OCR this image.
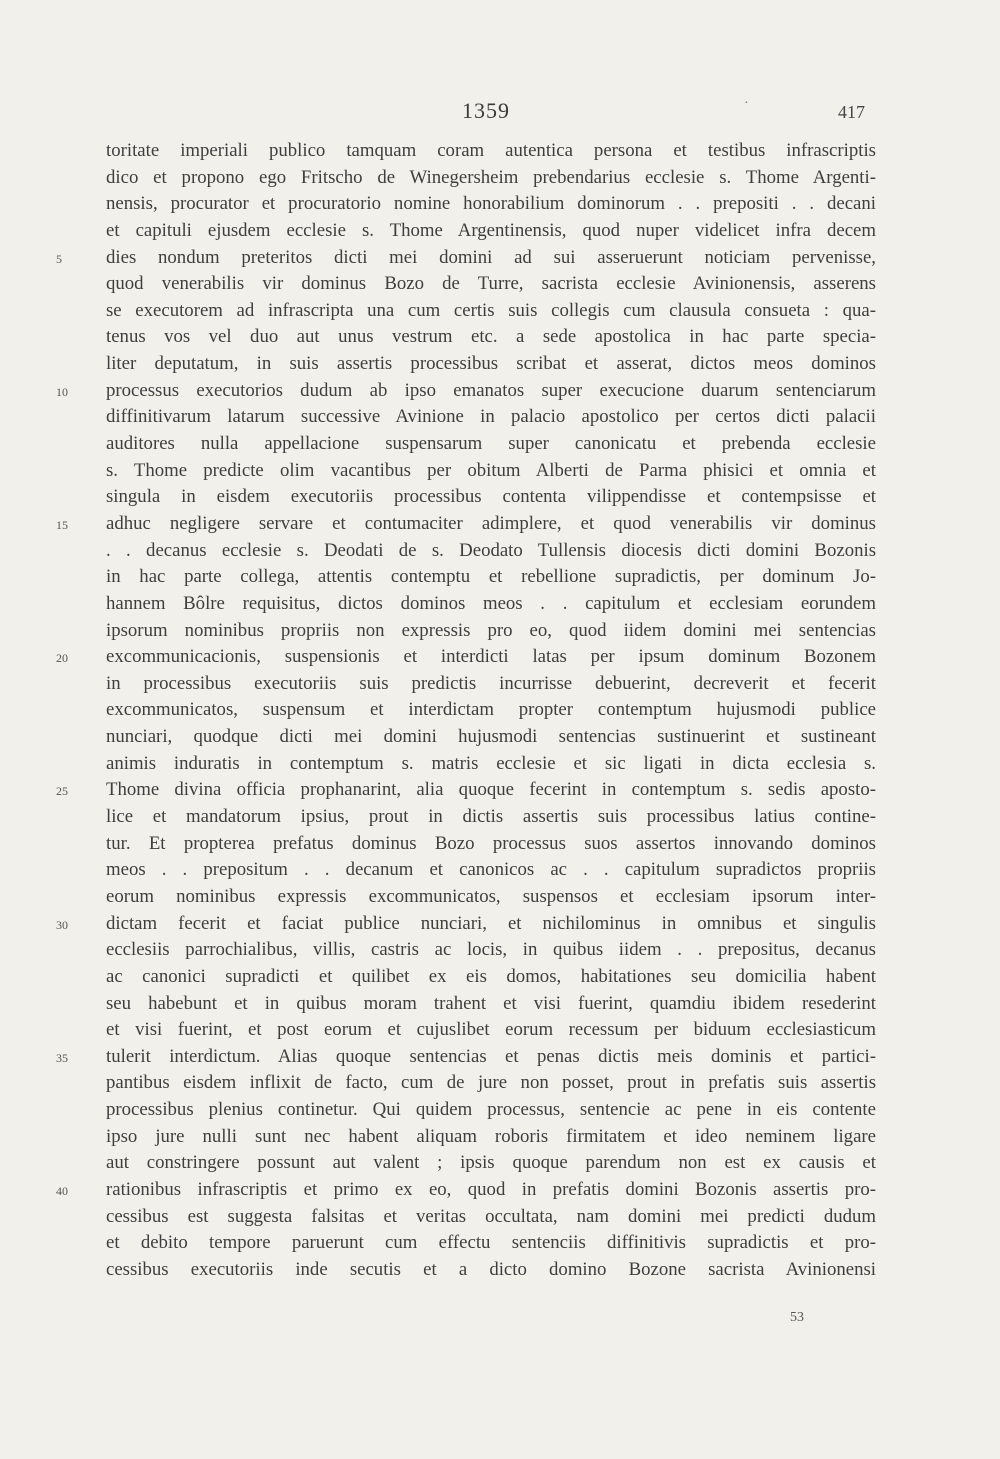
1359	·	417
toritate imperiali publico tamquam coram autentica persona et testibus infrascriptis
dico et propono ego Fritscho de Winegersheim prebendarius ecclesie s. Thome Argenti-
nensis, procurator et procuratorio nomine honorabilium dominorum . . prepositi . . decani
et capituli ejusdem ecclesie s. Thome Argentinensis, quod nuper videlicet infra decem
5	dies nondum preteritos dicti mei domini ad sui asseruerunt noticiam pervenisse,
quod venerabilis vir dominus Bozo de Turre, sacrista ecclesie Avinionensis, asserens
se executorem ad infrascripta una cum certis suis collegis cum clausula consueta : qua-
tenus vos vel duo aut unus vestrum etc. a sede apostolica in hac parte specia-
liter deputatum, in suis assertis processibus scribat et asserat, dictos meos dominos
10	processus executorios dudum ab ipso emanatos super execucione duarum sentenciarum
diffinitivarum latarum successive Avinione in palacio apostolico per certos dicti palacii
auditores nulla appellacione suspensarum super canonicatu et prebenda ecclesie
s. Thome predicte olim vacantibus per obitum Alberti de Parma phisici et omnia et
singula in eisdem executoriis processibus contenta vilippendisse et contempsisse et
15	adhuc negligere servare et contumaciter adimplere, et quod venerabilis vir dominus
. . decanus ecclesie s. Deodati de s. Deodato Tullensis diocesis dicti domini Bozonis
in hac parte collega, attentis contemptu et rebellione supradictis, per dominum Jo-
hannem Bôlre requisitus, dictos dominos meos . . capitulum et ecclesiam eorundem
ipsorum nominibus propriis non expressis pro eo, quod iidem domini mei sentencias
20	excommunicacionis, suspensionis et interdicti latas per ipsum dominum Bozonem
in processibus executoriis suis predictis incurrisse debuerint, decreverit et fecerit
excommunicatos, suspensum et interdictam propter contemptum hujusmodi publice
nunciari, quodque dicti mei domini hujusmodi sentencias sustinuerint et sustineant
animis induratis in contemptum s. matris ecclesie et sic ligati in dicta ecclesia s.
25	Thome divina officia prophanarint, alia quoque fecerint in contemptum s. sedis aposto-
lice et mandatorum ipsius, prout in dictis assertis suis processibus latius contine-
tur. Et propterea prefatus dominus Bozo processus suos assertos innovando dominos
meos . . prepositum . . decanum et canonicos ac . . capitulum supradictos propriis
eorum nominibus expressis excommunicatos, suspensos et ecclesiam ipsorum inter-
30	dictam fecerit et faciat publice nunciari, et nichilominus in omnibus et singulis
ecclesiis parrochialibus, villis, castris ac locis, in quibus iidem . . prepositus, decanus
ac canonici supradicti et quilibet ex eis domos, habitationes seu domicilia habent
seu habebunt et in quibus moram trahent et visi fuerint, quamdiu ibidem resederint
et visi fuerint, et post eorum et cujuslibet eorum recessum per biduum ecclesiasticum
35	tulerit interdictum. Alias quoque sentencias et penas dictis meis dominis et partici-
pantibus eisdem inflixit de facto, cum de jure non posset, prout in prefatis suis assertis
processibus plenius continetur. Qui quidem processus, sentencie ac pene in eis contente
ipso jure nulli sunt nec habent aliquam roboris firmitatem et ideo neminem ligare
aut constringere possunt aut valent ; ipsis quoque parendum non est ex causis et
40	rationibus infrascriptis et primo ex eo, quod in prefatis domini Bozonis assertis pro-
cessibus est suggesta falsitas et veritas occultata, nam domini mei predicti dudum
et debito tempore paruerunt cum effectu sentenciis diffinitivis supradictis et pro-
cessibus executoriis inde secutis et a dicto domino Bozone sacrista Avinionensi
53
